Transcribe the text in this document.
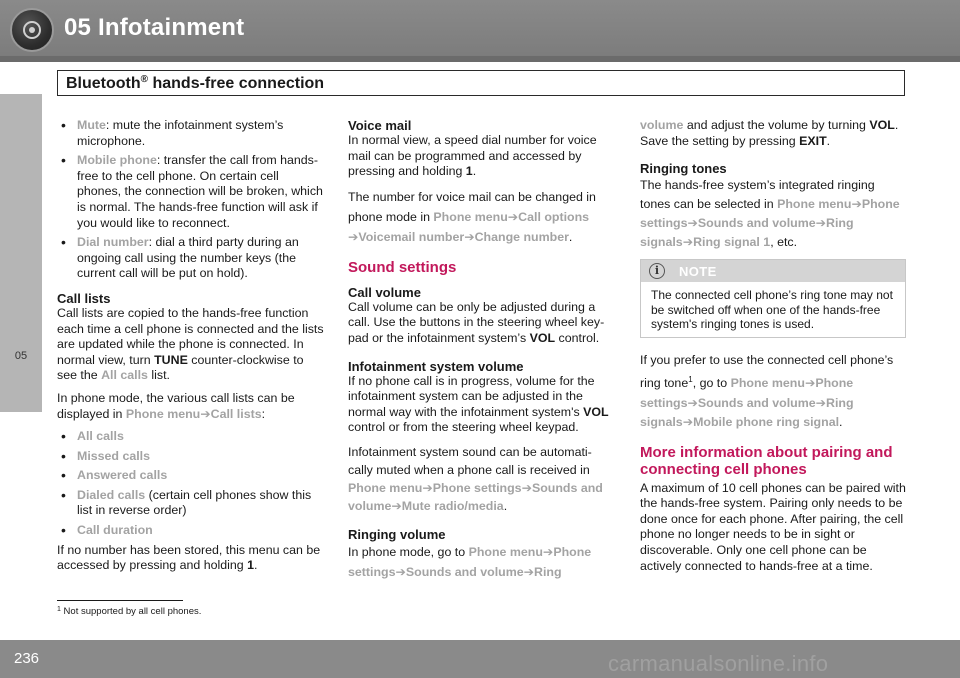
05 Infotainment
Bluetooth® hands-free connection
05
• Mute: mute the infotainment system’s microphone.
• Mobile phone: transfer the call from hands-free to the cell phone. On certain cell phones, the connection will be broken, which is normal. The hands-free function will ask if you would like to reconnect.
• Dial number: dial a third party during an ongoing call using the number keys (the current call will be put on hold).
Call lists

Call lists are copied to the hands-free function each time a cell phone is connected and the lists are updated while the phone is connected. In normal view, turn TUNE counter-clockwise to see the All calls list.

In phone mode, the various call lists can be displayed in Phone menu➔Call lists:

• All calls
• Missed calls
• Answered calls
• Dialed calls (certain cell phones show this list in reverse order)
• Call duration

If no number has been stored, this menu can be accessed by pressing and holding 1.

Voice mail

In normal view, a speed dial number for voice mail can be programmed and accessed by pressing and holding 1.

The number for voice mail can be changed in phone mode in Phone menu➔Call options
➔Voicemail number➔Change number.

Sound settings
Call volume

Call volume can be only be adjusted during a call. Use the buttons in the steering wheel key-pad or the infotainment system’s VOL control.

Infotainment system volume

If no phone call is in progress, volume for the infotainment system can be adjusted in the normal way with the infotainment system's VOL control or from the steering wheel keypad.

Infotainment system sound can be automati-cally muted when a phone call is received in Phone menu➔Phone settings➔Sounds and volume➔Mute radio/media.

Ringing volume

In phone mode, go to Phone menu➔Phone settings➔Sounds and volume➔Ring

volume and adjust the volume by turning VOL. Save the setting by pressing EXIT.

Ringing tones

The hands-free system’s integrated ringing tones can be selected in Phone menu➔Phone settings➔Sounds and volume➔Ring signals➔Ring signal 1, etc.

i	NOTE
The connected cell phone’s ring tone may not be switched off when one of the hands-free system's ringing tones is used.

If you prefer to use the connected cell phone’s ring tone$^1$, go to Phone menu➔Phone settings➔Sounds and volume➔Ring signals➔Mobile phone ring signal.

More information about pairing and connecting cell phones

A maximum of 10 cell phones can be paired with the hands-free system. Pairing only needs to be done once for each phone. After pairing, the cell phone no longer needs to be in sight or discoverable. Only one cell phone can be actively connected to hands-free at a time.

$^1$ Not supported by all cell phones.
236	carmanualsonline.info
